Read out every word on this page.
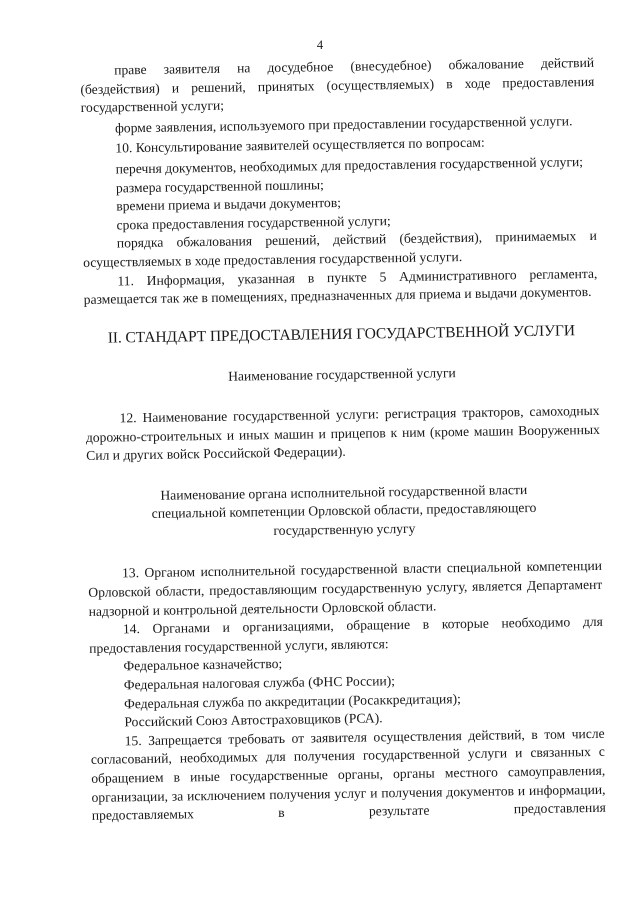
4

праве заявителя на досудебное (внесудебное) обжалование действий (бездействия) и решений, принятых (осуществляемых) в ходе предоставления государственной услуги;

форме заявления, используемого при предоставлении государственной услуги.

10. Консультирование заявителей осуществляется по вопросам:

перечня документов, необходимых для предоставления государственной услуги;

размера государственной пошлины;

времени приема и выдачи документов;

срока предоставления государственной услуги;

порядка обжалования решений, действий (бездействия), принимаемых и осуществляемых в ходе предоставления государственной услуги.

11. Информация, указанная в пункте 5 Административного регламента, размещается так же в помещениях, предназначенных для приема и выдачи документов.

II. СТАНДАРТ ПРЕДОСТАВЛЕНИЯ ГОСУДАРСТВЕННОЙ УСЛУГИ
Наименование государственной услуги

12. Наименование государственной услуги: регистрация тракторов, самоходных дорожно-строительных и иных машин и прицепов к ним (кроме машин Вооруженных Сил и других войск Российской Федерации).

Наименование органа исполнительной государственной власти
специальной компетенции Орловской области, предоставляющего
государственную услугу

13. Органом исполнительной государственной власти специальной компетенции Орловской области, предоставляющим государственную услугу, является Департамент надзорной и контрольной деятельности Орловской области.

14. Органами и организациями, обращение в которые необходимо для предоставления государственной услуги, являются:

Федеральное казначейство;

Федеральная налоговая служба (ФНС России);

Федеральная служба по аккредитации (Росаккредитация);

Российский Союз Автостраховщиков (РСА).

15. Запрещается требовать от заявителя осуществления действий, в том числе согласований, необходимых для получения государственной услуги и связанных с обращением в иные государственные органы, органы местного самоуправления, организации, за исключением получения услуг и получения документов и информации, предоставляемых в результате предоставления
